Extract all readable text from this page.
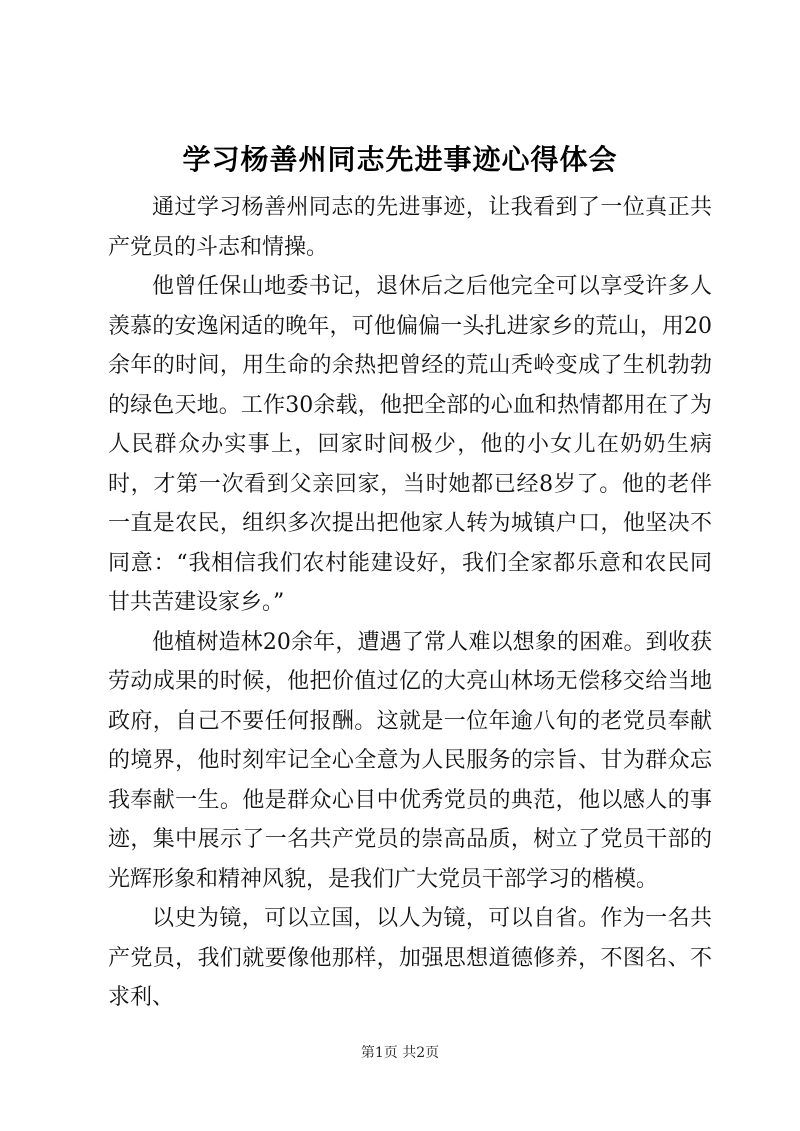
学习杨善州同志先进事迹心得体会

通过学习杨善州同志的先进事迹，让我看到了一位真正共产党员的斗志和情操。

他曾任保山地委书记，退休后之后他完全可以享受许多人羡慕的安逸闲适的晚年，可他偏偏一头扎进家乡的荒山，用20余年的时间，用生命的余热把曾经的荒山秃岭变成了生机勃勃的绿色天地。工作30余载，他把全部的心血和热情都用在了为人民群众办实事上，回家时间极少，他的小女儿在奶奶生病时，才第一次看到父亲回家，当时她都已经8岁了。他的老伴一直是农民，组织多次提出把他家人转为城镇户口，他坚决不同意：“我相信我们农村能建设好，我们全家都乐意和农民同甘共苦建设家乡。”

他植树造林20余年，遭遇了常人难以想象的困难。到收获劳动成果的时候，他把价值过亿的大亮山林场无偿移交给当地政府，自己不要任何报酬。这就是一位年逾八旬的老党员奉献的境界，他时刻牢记全心全意为人民服务的宗旨、甘为群众忘我奉献一生。他是群众心目中优秀党员的典范，他以感人的事迹，集中展示了一名共产党员的崇高品质，树立了党员干部的光辉形象和精神风貌，是我们广大党员干部学习的楷模。

以史为镜，可以立国，以人为镜，可以自省。作为一名共产党员，我们就要像他那样，加强思想道德修养，不图名、不求利、

第1页 共2页
